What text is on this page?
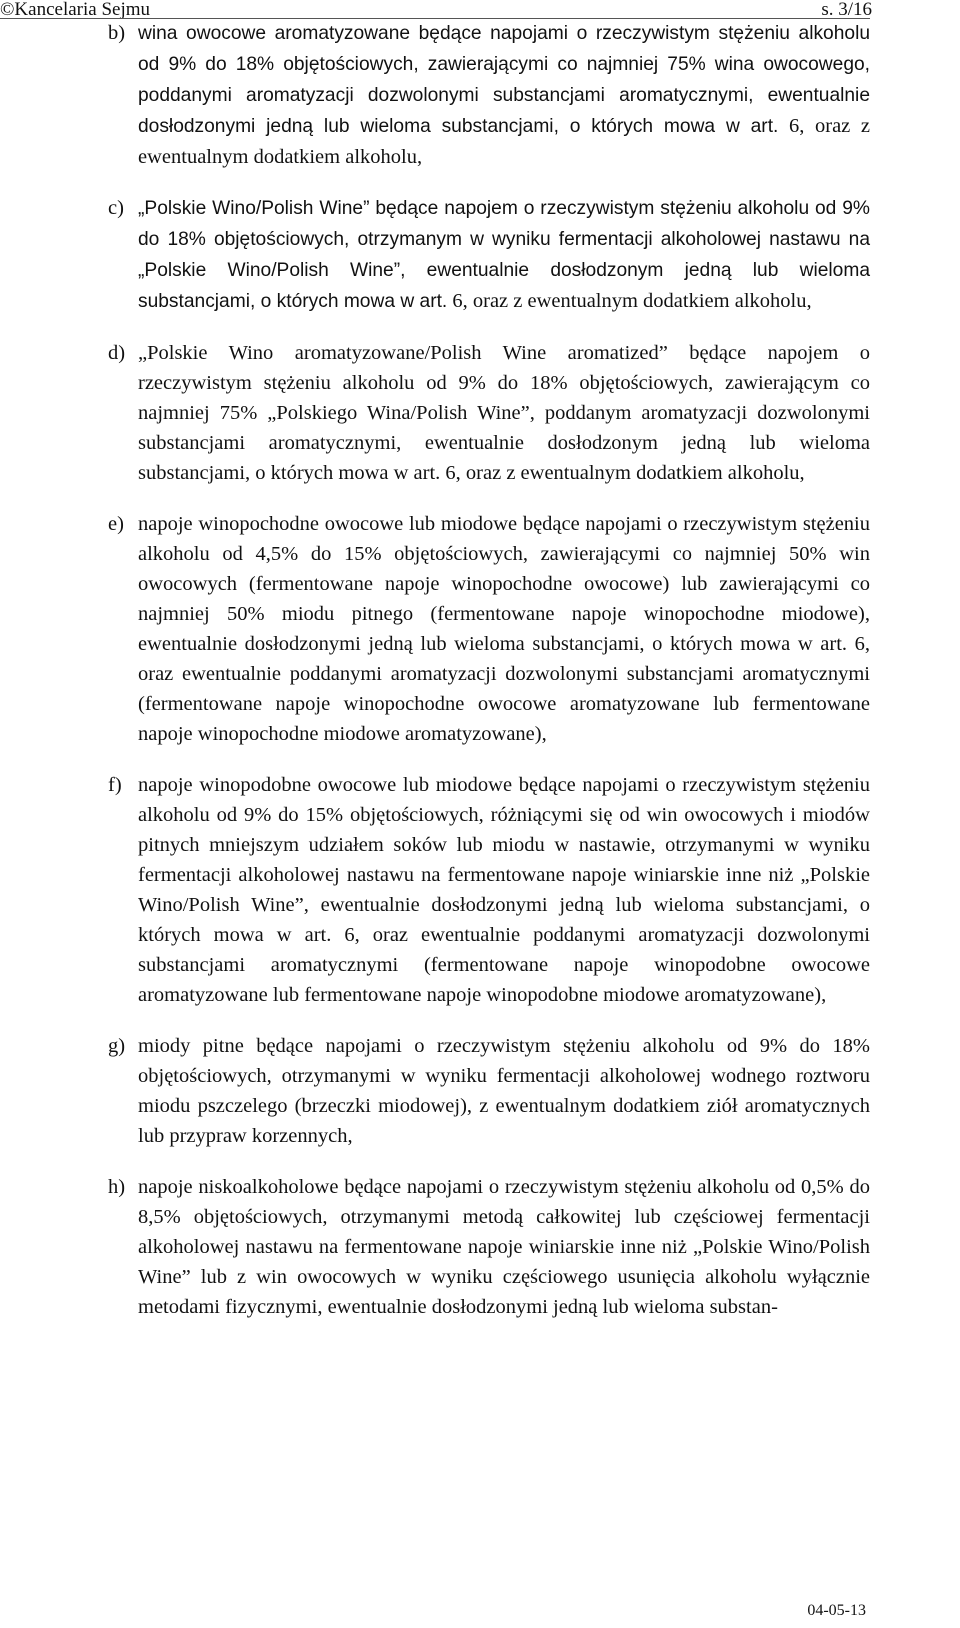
©Kancelaria Sejmu	s. 3/16
b) wina owocowe aromatyzowane będące napojami o rzeczywistym stężeniu alkoholu od 9% do 18% objętościowych, zawierającymi co najmniej 75% wina owocowego, poddanymi aromatyzacji dozwolonymi substancjami aromatycznymi, ewentualnie dosłodzonymi jedną lub wieloma substancjami, o których mowa w art. 6, oraz z ewentualnym dodatkiem alkoholu,
c) „Polskie Wino/Polish Wine” będące napojem o rzeczywistym stężeniu alkoholu od 9% do 18% objętościowych, otrzymanym w wyniku fermentacji alkoholowej nastawu na „Polskie Wino/Polish Wine”, ewentualnie dosłodzonym jedną lub wieloma substancjami, o których mowa w art. 6, oraz z ewentualnym dodatkiem alkoholu,
d) „Polskie Wino aromatyzowane/Polish Wine aromatized” będące napojem o rzeczywistym stężeniu alkoholu od 9% do 18% objętościowych, zawierającym co najmniej 75% „Polskiego Wina/Polish Wine”, poddanym aromatyzacji dozwolonymi substancjami aromatycznymi, ewentualnie dosłodzonym jedną lub wieloma substancjami, o których mowa w art. 6, oraz z ewentualnym dodatkiem alkoholu,
e) napoje winopochodne owocowe lub miodowe będące napojami o rzeczywistym stężeniu alkoholu od 4,5% do 15% objętościowych, zawierającymi co najmniej 50% win owocowych (fermentowane napoje winopochodne owocowe) lub zawierającymi co najmniej 50% miodu pitnego (fermentowane napoje winopochodne miodowe), ewentualnie dosłodzonymi jedną lub wieloma substancjami, o których mowa w art. 6, oraz ewentualnie poddanymi aromatyzacji dozwolonymi substancjami aromatycznymi (fermentowane napoje winopochodne owocowe aromatyzowane lub fermentowane napoje winopochodne miodowe aromatyzowane),
f) napoje winopodobne owocowe lub miodowe będące napojami o rzeczywistym stężeniu alkoholu od 9% do 15% objętościowych, różniącymi się od win owocowych i miodów pitnych mniejszym udziałem soków lub miodu w nastawie, otrzymanymi w wyniku fermentacji alkoholowej nastawu na fermentowane napoje winiarskie inne niż „Polskie Wino/Polish Wine”, ewentualnie dosłodzonymi jedną lub wieloma substancjami, o których mowa w art. 6, oraz ewentualnie poddanymi aromatyzacji dozwolonymi substancjami aromatycznymi (fermentowane napoje winopodobne owocowe aromatyzowane lub fermentowane napoje winopodobne miodowe aromatyzowane),
g) miody pitne będące napojami o rzeczywistym stężeniu alkoholu od 9% do 18% objętościowych, otrzymanymi w wyniku fermentacji alkoholowej wodnego roztworu miodu pszczelego (brzeczki miodowej), z ewentualnym dodatkiem ziół aromatycznych lub przypraw korzennych,
h) napoje niskoalkoholowe będące napojami o rzeczywistym stężeniu alkoholu od 0,5% do 8,5% objętościowych, otrzymanymi metodą całkowitej lub częściowej fermentacji alkoholowej nastawu na fermentowane napoje winiarskie inne niż „Polskie Wino/Polish Wine” lub z win owocowych w wyniku częściowego usunięcia alkoholu wyłącznie metodami fizycznymi, ewentualnie dosłodzonymi jedną lub wieloma substan-
04-05-13
